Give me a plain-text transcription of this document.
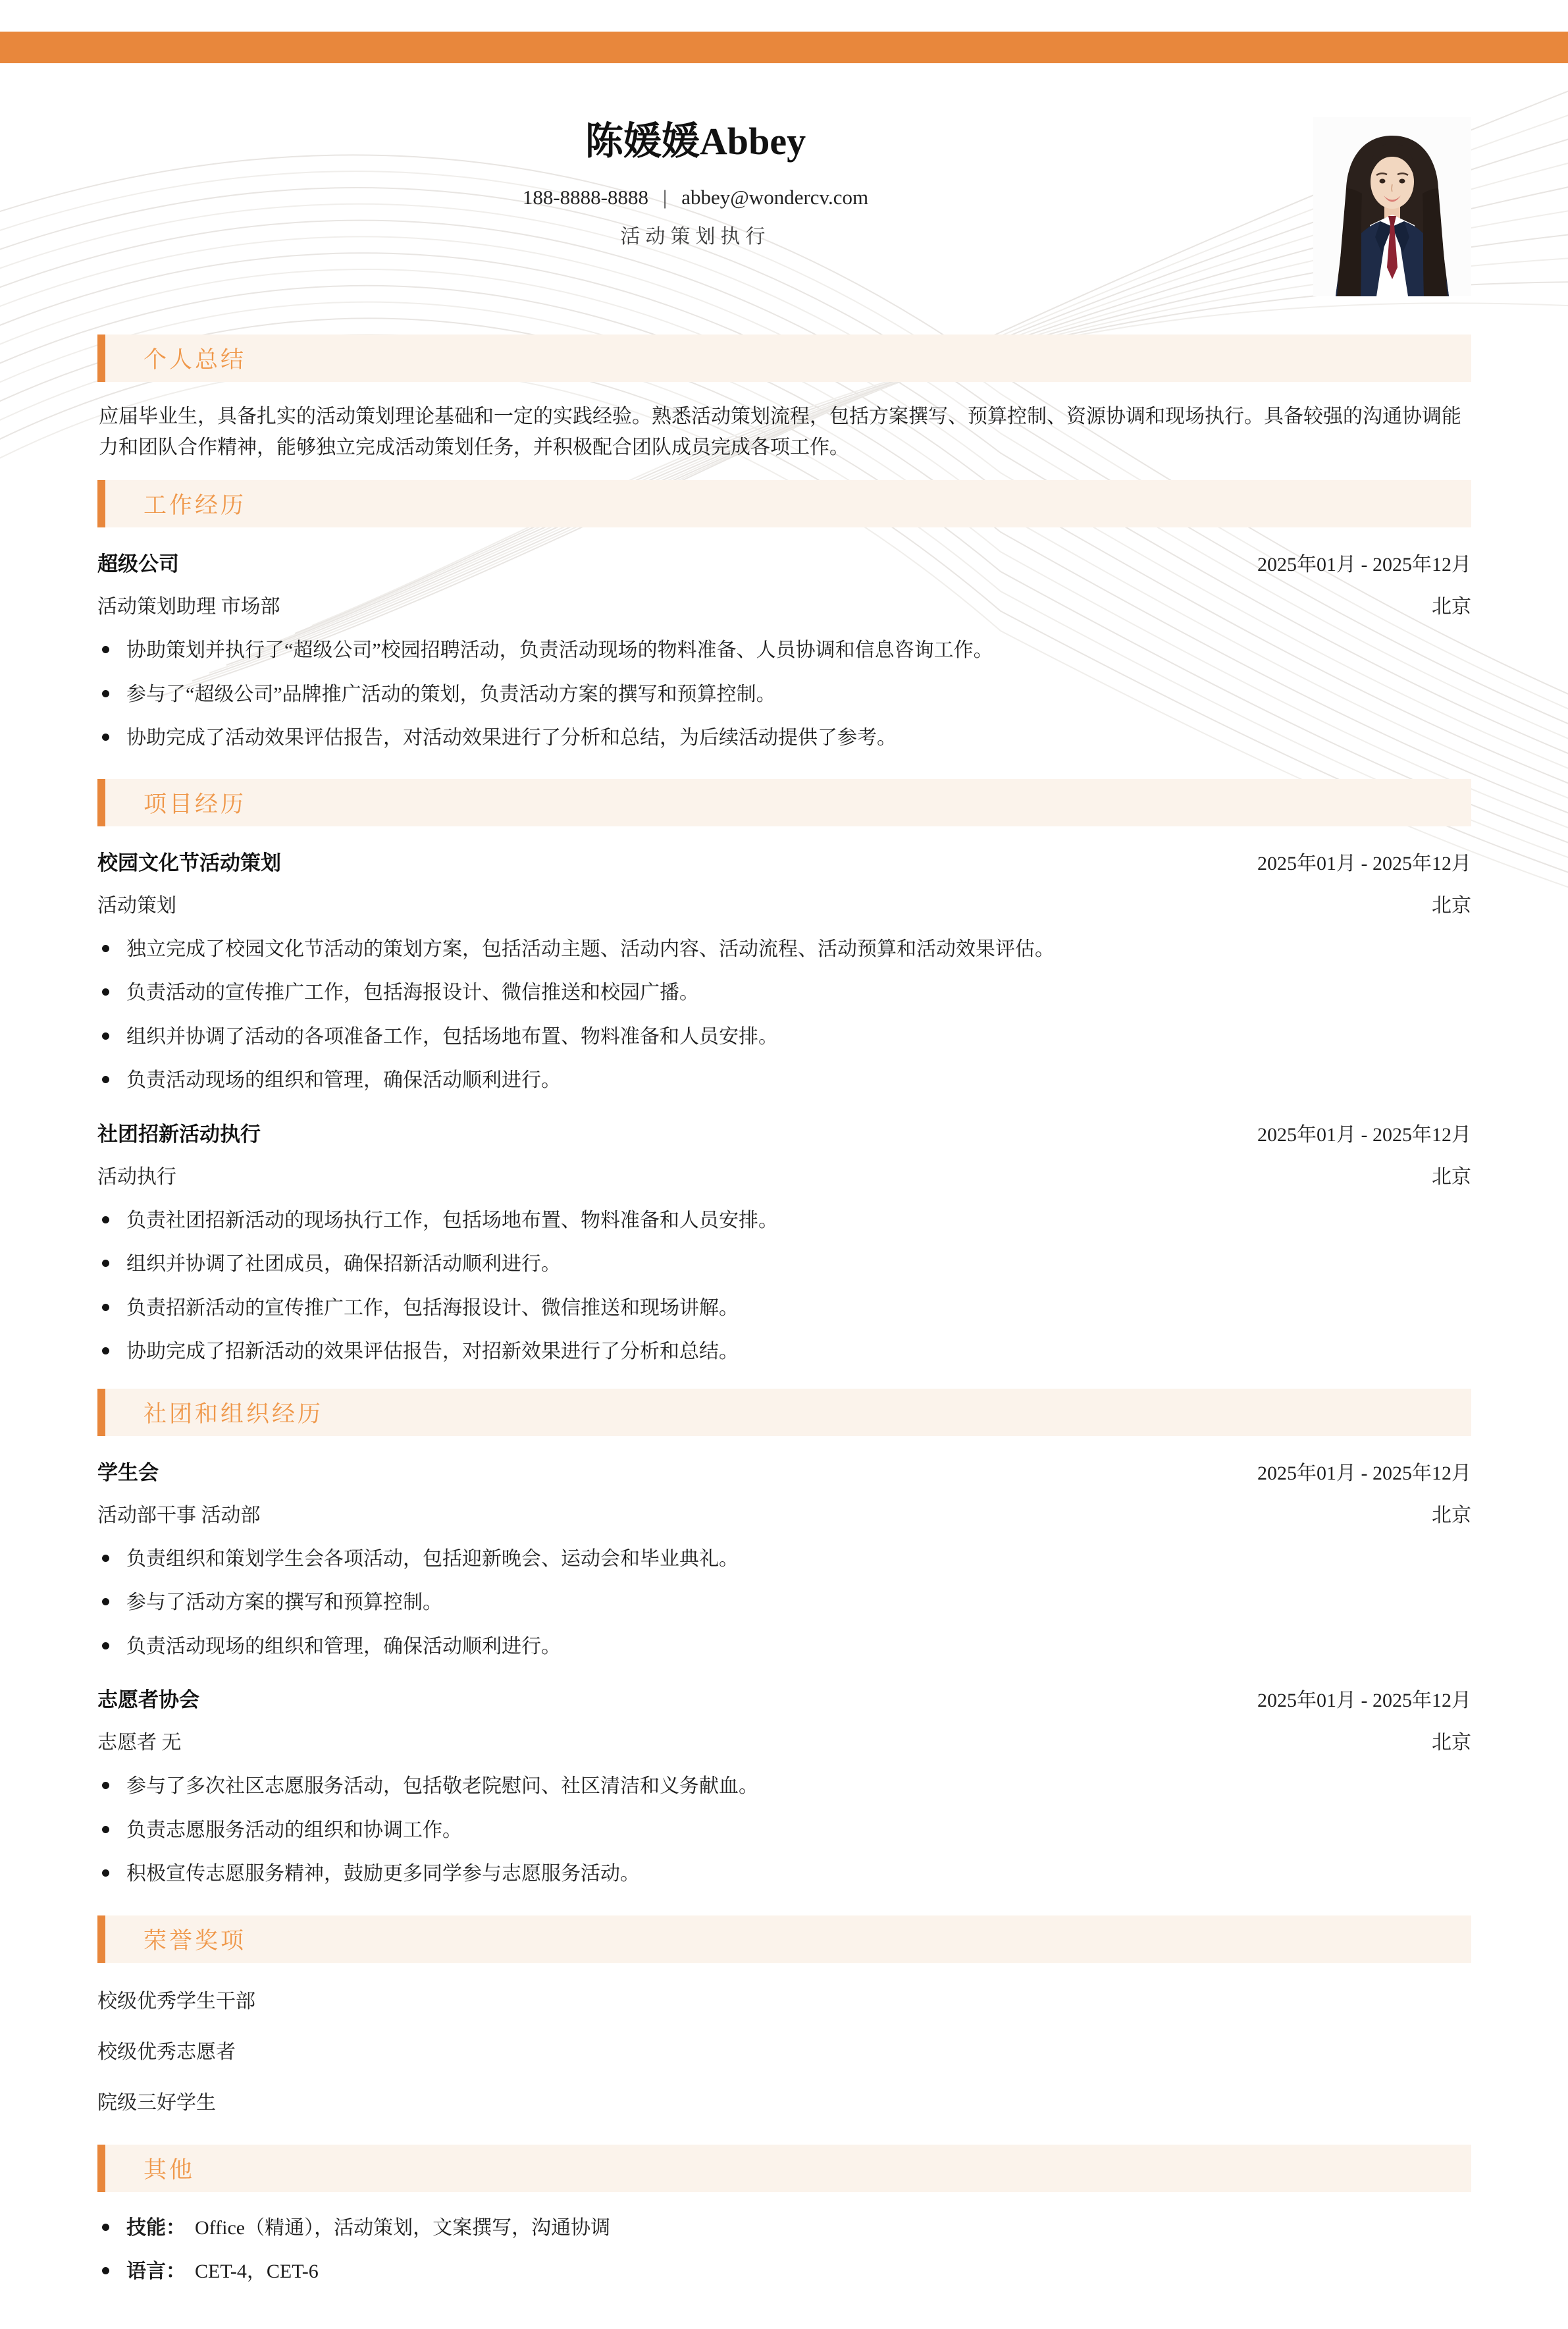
陈媛媛Abbey
188-8888-8888 | abbey@wondercv.com
活动策划执行
个人总结

应届毕业生，具备扎实的活动策划理论基础和一定的实践经验。熟悉活动策划流程，包括方案撰写、预算控制、资源协调和现场执行。具备较强的沟通协调能力和团队合作精神，能够独立完成活动策划任务，并积极配合团队成员完成各项工作。

工作经历
超级公司	2025年01月 - 2025年12月
活动策划助理 市场部	北京
协助策划并执行了“超级公司”校园招聘活动，负责活动现场的物料准备、人员协调和信息咨询工作。
参与了“超级公司”品牌推广活动的策划，负责活动方案的撰写和预算控制。
协助完成了活动效果评估报告，对活动效果进行了分析和总结，为后续活动提供了参考。
项目经历
校园文化节活动策划	2025年01月 - 2025年12月
活动策划	北京
独立完成了校园文化节活动的策划方案，包括活动主题、活动内容、活动流程、活动预算和活动效果评估。
负责活动的宣传推广工作，包括海报设计、微信推送和校园广播。
组织并协调了活动的各项准备工作，包括场地布置、物料准备和人员安排。
负责活动现场的组织和管理，确保活动顺利进行。
社团招新活动执行	2025年01月 - 2025年12月
活动执行	北京
负责社团招新活动的现场执行工作，包括场地布置、物料准备和人员安排。
组织并协调了社团成员，确保招新活动顺利进行。
负责招新活动的宣传推广工作，包括海报设计、微信推送和现场讲解。
协助完成了招新活动的效果评估报告，对招新效果进行了分析和总结。
社团和组织经历
学生会	2025年01月 - 2025年12月
活动部干事 活动部	北京
负责组织和策划学生会各项活动，包括迎新晚会、运动会和毕业典礼。
参与了活动方案的撰写和预算控制。
负责活动现场的组织和管理，确保活动顺利进行。
志愿者协会	2025年01月 - 2025年12月
志愿者 无	北京
参与了多次社区志愿服务活动，包括敬老院慰问、社区清洁和义务献血。
负责志愿服务活动的组织和协调工作。
积极宣传志愿服务精神，鼓励更多同学参与志愿服务活动。
荣誉奖项
校级优秀学生干部
校级优秀志愿者
院级三好学生
其他
技能： Office（精通），活动策划，文案撰写，沟通协调
语言： CET-4，CET-6
